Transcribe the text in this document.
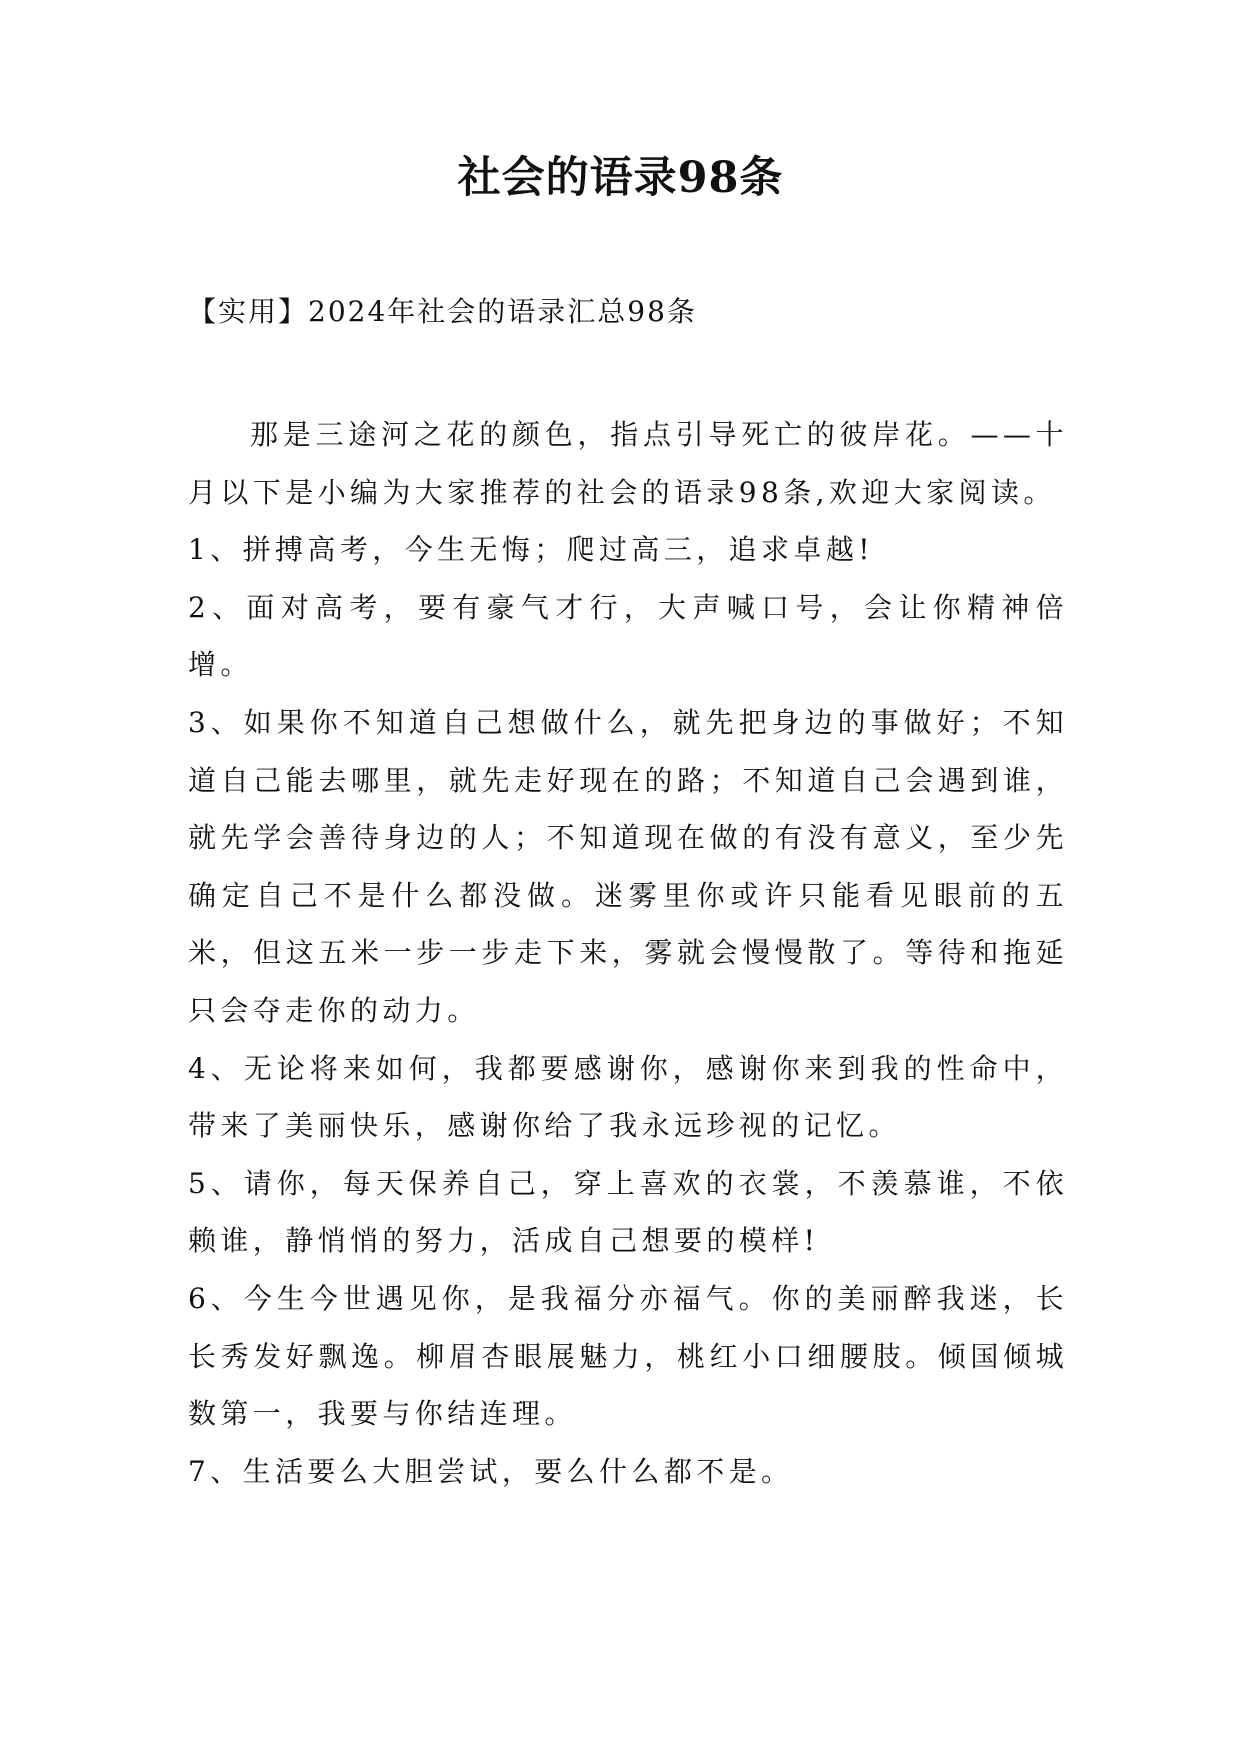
社会的语录98条
【实用】2024年社会的语录汇总98条

那是三途河之花的颜色，指点引导死亡的彼岸花。——十月以下是小编为大家推荐的社会的语录98条,欢迎大家阅读。

1、拼搏高考，今生无悔；爬过高三，追求卓越!

2、面对高考，要有豪气才行，大声喊口号，会让你精神倍增。

3、如果你不知道自己想做什么，就先把身边的事做好；不知道自己能去哪里，就先走好现在的路；不知道自己会遇到谁，就先学会善待身边的人；不知道现在做的有没有意义，至少先确定自己不是什么都没做。迷雾里你或许只能看见眼前的五米，但这五米一步一步走下来，雾就会慢慢散了。等待和拖延只会夺走你的动力。

4、无论将来如何，我都要感谢你，感谢你来到我的性命中，带来了美丽快乐，感谢你给了我永远珍视的记忆。

5、请你，每天保养自己，穿上喜欢的衣裳，不羡慕谁，不依赖谁，静悄悄的努力，活成自己想要的模样!

6、今生今世遇见你，是我福分亦福气。你的美丽醉我迷，长长秀发好飘逸。柳眉杏眼展魅力，桃红小口细腰肢。倾国倾城数第一，我要与你结连理。

7、生活要么大胆尝试，要么什么都不是。
